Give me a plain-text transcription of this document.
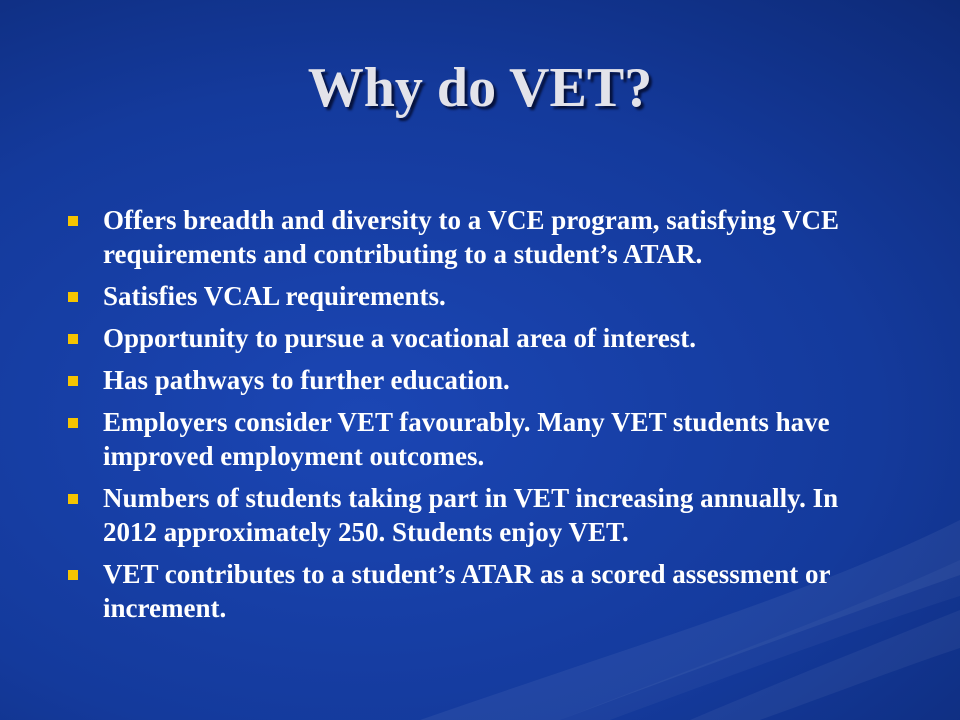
Why do VET?
Offers breadth and diversity to a VCE program, satisfying VCE requirements and contributing to a student’s ATAR.
Satisfies VCAL requirements.
Opportunity to pursue a vocational area of interest.
Has pathways to further education.
Employers consider VET favourably. Many VET students have improved employment outcomes.
Numbers of students taking part in VET increasing annually. In 2012 approximately 250. Students enjoy VET.
VET contributes to a student’s ATAR as a scored assessment or increment.
